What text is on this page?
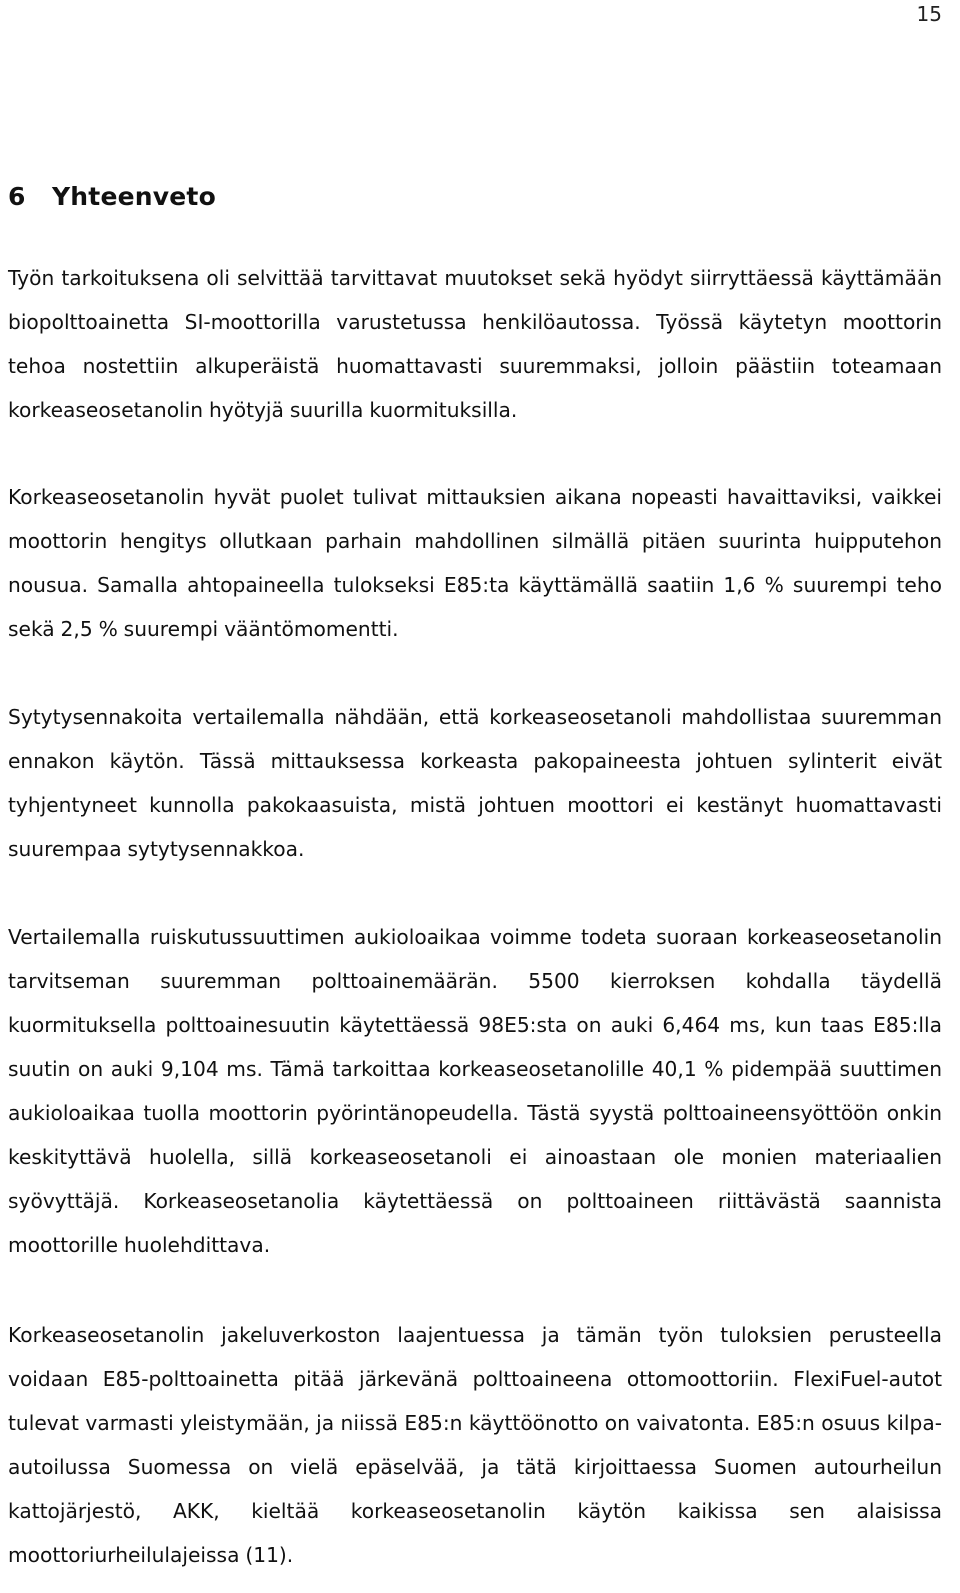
15
6 Yhteenveto

Työn tarkoituksena oli selvittää tarvittavat muutokset sekä hyödyt siirryttäessä käyttämään biopolttoainetta SI-moottorilla varustetussa henkilöautossa. Työssä käytetyn moottorin tehoa nostettiin alkuperäistä huomattavasti suuremmaksi, jolloin päästiin toteamaan korkeaseosetanolin hyötyjä suurilla kuormituksilla.

Korkeaseosetanolin hyvät puolet tulivat mittauksien aikana nopeasti havaittaviksi, vaikkei moottorin hengitys ollutkaan parhain mahdollinen silmällä pitäen suurinta huipputehon nousua. Samalla ahtopaineella tulokseksi E85:ta käyttämällä saatiin 1,6 % suurempi teho sekä 2,5 % suurempi vääntömomentti.

Sytytysennakoita vertailemalla nähdään, että korkeaseosetanoli mahdollistaa suuremman ennakon käytön. Tässä mittauksessa korkeasta pakopaineesta johtuen sylinterit eivät tyhjentyneet kunnolla pakokaasuista, mistä johtuen moottori ei kestänyt huomattavasti suurempaa sytytysennakkoa.

Vertailemalla ruiskutussuuttimen aukioloaikaa voimme todeta suoraan korkeaseosetanolin tarvitseman suuremman polttoainemäärän. 5500 kierroksen kohdalla täydellä kuormituksella polttoainesuutin käytettäessä 98E5:sta on auki 6,464 ms, kun taas E85:lla suutin on auki 9,104 ms. Tämä tarkoittaa korkeaseosetanolille 40,1 % pidempää suuttimen aukioloaikaa tuolla moottorin pyörintänopeudella. Tästä syystä polttoaineensyöttöön onkin keskityttävä huolella, sillä korkeaseosetanoli ei ainoastaan ole monien materiaalien syövyttäjä. Korkeaseosetanolia käytettäessä on polttoaineen riittävästä saannista moottorille huolehdittava.

Korkeaseosetanolin jakeluverkoston laajentuessa ja tämän työn tuloksien perusteella voidaan E85-polttoainetta pitää järkevänä polttoaineena ottomoottoriin. FlexiFuel-autot tulevat varmasti yleistymään, ja niissä E85:n käyttöönotto on vaivatonta. E85:n osuus kilpa-autoilussa Suomessa on vielä epäselvää, ja tätä kirjoittaessa Suomen autourheilun kattojärjestö, AKK, kieltää korkeaseosetanolin käytön kaikissa sen alaisissa moottoriurheilulajeissa (11).
